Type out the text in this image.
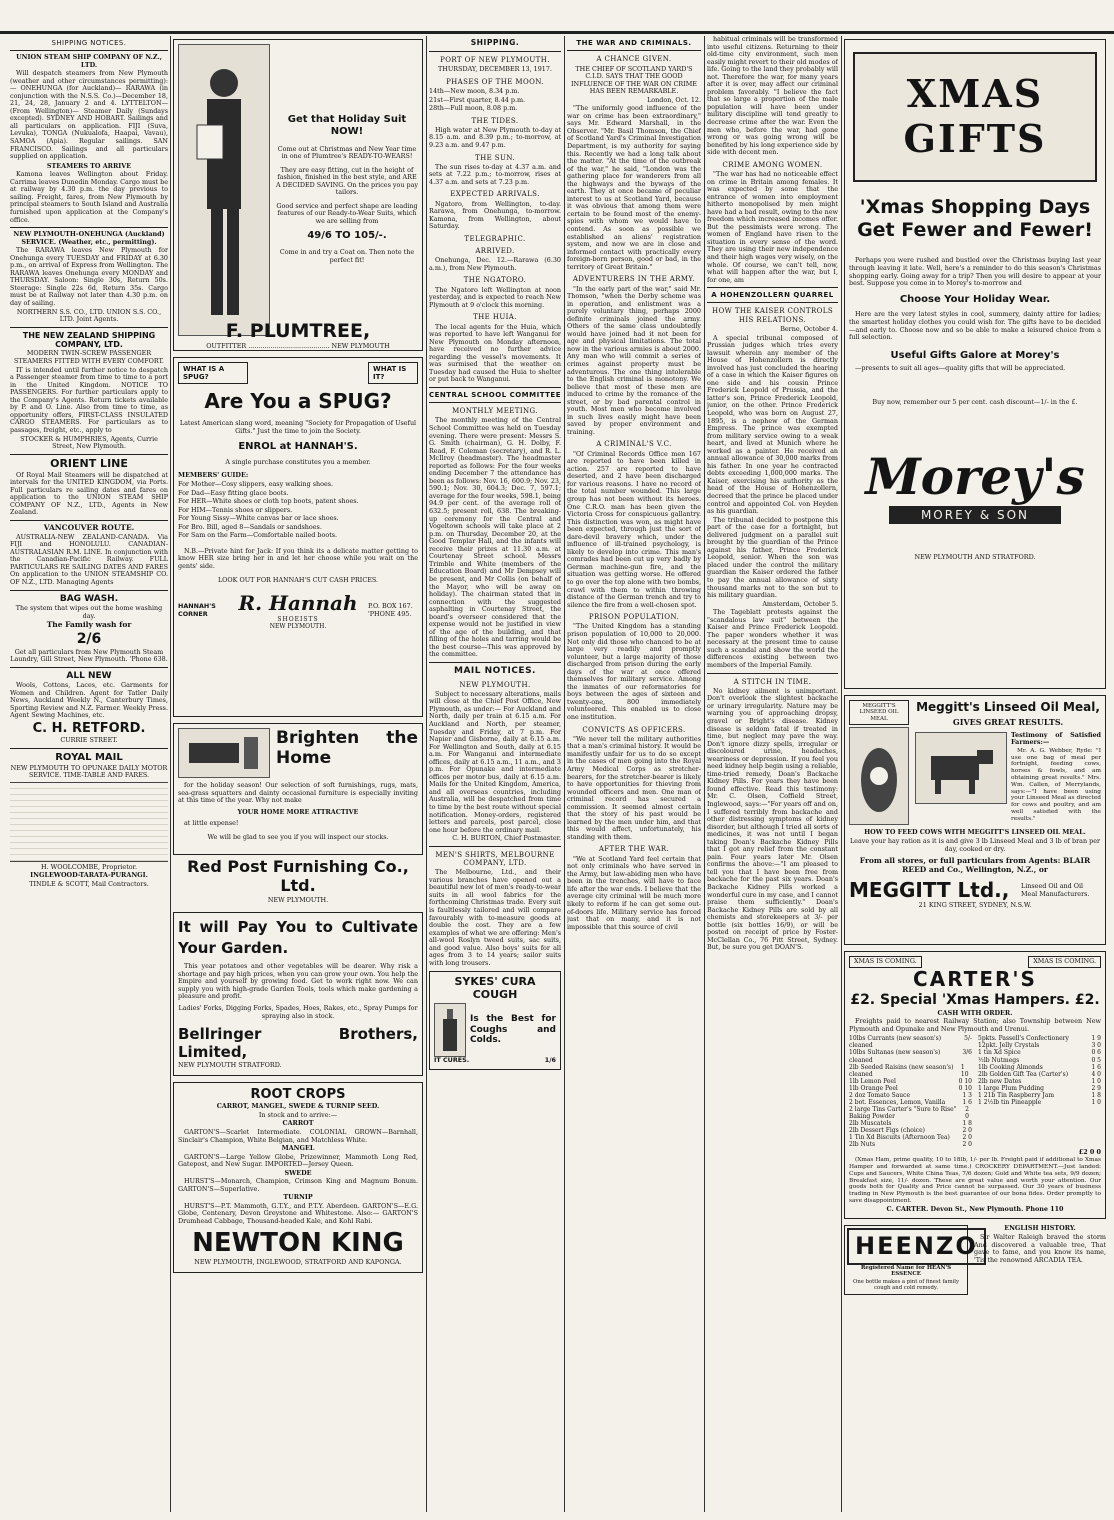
SHIPPING NOTICES.

UNION STEAM SHIP COMPANY OF N.Z., LTD.

Will despatch steamers from New Plymouth (weather and other circumstances permitting):— ONEHUNGA (for Auckland)— RARAWA (in conjunction with the N.S.S. Co.)—December 18, 21, 24, 28, January 2 and 4. LYTTELTON— (From Wellington)— Steamer Daily (Sundays excepted). SYDNEY AND HOBART. Sailings and all particulars on application. FIJI (Suva, Levuka), TONGA (Nukualofa, Haapai, Vavau), SAMOA (Apia). Regular sailings. SAN FRANCISCO. Sailings and all particulars supplied on application.

STEAMERS TO ARRIVE

Kamona leaves Wellington about Friday. Carrima leaves Dunedin Monday. Cargo must be at railway by 4.30 p.m. the day previous to sailing. Freight, fares, from New Plymouth by principal steamers to South Island and Australia furnished upon application at the Company's office.

NEW PLYMOUTH-ONEHUNGA (Auckland) SERVICE. (Weather, etc., permitting).

The RARAWA leaves New Plymouth for Onehunga every TUESDAY and FRIDAY at 6.30 p.m., on arrival of Express from Wellington. The RARAWA leaves Onehunga every MONDAY and THURSDAY. Saloon: Single 30s, Return 50s. Steerage: Single 22s 6d, Return 35s. Cargo must be at Railway not later than 4.30 p.m. on day of sailing.

NORTHERN S.S. CO., LTD. UNION S.S. CO., LTD. Joint Agents.

THE NEW ZEALAND SHIPPING COMPANY, LTD.

MODERN TWIN-SCREW PASSENGER STEAMERS FITTED WITH EVERY COMFORT.

IT is intended until further notice to despatch a Passenger steamer from time to time to a port in the United Kingdom. NOTICE TO PASSENGERS. For further particulars apply to the Company's Agents. Return tickets available by P. and O. Line. Also from time to time, as opportunity offers, FIRST-CLASS INSULATED CARGO STEAMERS. For particulars as to passages, freight, etc., apply to

STOCKER & HUMPHRIES, Agents, Currie Street, New Plymouth.

ORIENT LINE

Of Royal Mail Steamers will be dispatched at intervals for the UNITED KINGDOM, via Ports. Full particulars re sailing dates and fares on application to the UNION STEAM SHIP COMPANY OF N.Z., LTD., Agents in New Zealand.

VANCOUVER ROUTE.

AUSTRALIA-NEW ZEALAND-CANADA. Via FIJI and HONOLULU. CANADIAN-AUSTRALASIAN R.M. LINE. In conjunction with the Canadian-Pacific Railway. FULL PARTICULARS RE SAILING DATES AND FARES On application to the UNION STEAMSHIP CO. OF N.Z., LTD. Managing Agents

BAG WASH.

The system that wipes out the home washing day.

The Family wash for

2/6

Get all particulars from New Plymouth Steam Laundry, Gill Street, New Plymouth. 'Phone 638.

ALL NEW

Wools, Cottons, Laces, etc. Garments for Women and Children. Agent for Tatler Daily News, Auckland Weekly N., Canterbury Times, Sporting Review and N.Z. Farmer. Weekly Press. Agent Sewing Machines, etc.

C. H. RETFORD.

CURRIE STREET.

ROYAL MAIL

NEW PLYMOUTH TO OPUNAKE DAILY MOTOR SERVICE. TIME-TABLE AND FARES.

H. WOOLCOMBE, Proprietor.

INGLEWOOD-TARATA-PURANGI.

TINDLE & SCOTT, Mail Contractors.

Get that Holiday Suit NOW!

Come out at Christmas and New Year time in one of Plumtree's READY-TO-WEARS!

They are easy fitting, cut in the height of fashion, finished in the best style, and ARE A DECIDED SAVING. On the prices you pay tailors.

Good service and perfect shape are leading features of our Ready-to-Wear Suits, which we are selling from

49/6 TO 105/-.

Come in and try a Coat on. Then note the perfect fit!

F. PLUMTREE,

OUTFITTER ........................................ NEW PLYMOUTH

WHAT IS A SPUG?
WHAT IS IT?

Are You a SPUG?

Latest American slang word, meaning "Society for Propagation of Useful Gifts." Just the time to join the Society.

ENROL at HANNAH'S.

A single purchase constitutes you a member.

MEMBERS' GUIDE:

For Mother—Cosy slippers, easy walking shoes.

For Dad—Easy fitting glace boots.

For HER—White shoes or cloth top boots, patent shoes.

For HIM—Tennis shoes or slippers.

For Young Sissy—White canvas bar or lace shoes.

For Bro. Bill, aged 8—Sandals or sandshoes.

For Sam on the Farm—Comfortable nailed boots.

N.B.—Private hint for Jack: If you think its a delicate matter getting to know HER size bring her in and let her choose while you wait on the gents' side.

LOOK OUT FOR HANNAH'S CUT CASH PRICES.

HANNAH'S CORNER	R. Hannah
SHOEISTS
NEW PLYMOUTH.
P.O. BOX 167. 'PHONE 495.

Brighten the Home

for the holiday season! Our selection of soft furnishings, rugs, mats, sea-grass squatters and dainty occasional furniture is especially inviting at this time of the year. Why not make

YOUR HOME MORE ATTRACTIVE

at little expense!

We will be glad to see you if you will inspect our stocks.

Red Post Furnishing Co., Ltd.

NEW PLYMOUTH.

It will Pay You to Cultivate Your Garden.

This year potatoes and other vegetables will be dearer. Why risk a shortage and pay high prices, when you can grow your own. You help the Empire and yourself by growing food. Get to work right now. We can supply you with high-grade Garden Tools, tools which make gardening a pleasure and profit.

Ladies' Forks, Digging Forks, Spades, Hoes, Rakes, etc., Spray Pumps for spraying also in stock.

Bellringer Brothers, Limited,

NEW PLYMOUTH STRATFORD.

ROOT CROPS

CARROT, MANGEL, SWEDE & TURNIP SEED.

In stock and to arrive:—

CARROT

GARTON'S—Scarlet Intermediate. COLONIAL GROWN—Barnhall, Sinclair's Champion, White Belgian, and Matchless White.

MANGEL

GARTON'S—Large Yellow Globe, Prizewinner, Mammoth Long Red, Gatepost, and New Sugar. IMPORTED—Jersey Queen.

SWEDE

HURST'S—Monarch, Champion, Crimson King and Magnum Bonum. GARTON'S—Superlative.

TURNIP

HURST'S—P.T. Mammoth, G.T.Y., and P.T.Y. Aberdeen. GARTON'S—E.G. Globe, Centenary, Devon Greystone and Whitestone. Also:— GARTON'S Drumhead Cabbage, Thousand-headed Kale, and Kohl Rabi.

NEWTON KING

NEW PLYMOUTH, INGLEWOOD, STRATFORD AND KAPONGA.

SHIPPING.
PORT OF NEW PLYMOUTH.

THURSDAY, DECEMBER 13, 1917.

PHASES OF THE MOON.

14th—New moon, 8.34 p.m.

21st—First quarter, 8.44 p.m.

28th—Full moon, 8.08 p.m.

THE TIDES.

High water at New Plymouth to-day at 8.15 a.m. and 8.39 p.m.; to-morrow, at 9.23 a.m. and 9.47 p.m.

THE SUN.

The sun rises to-day at 4.37 a.m. and sets at 7.22 p.m.; to-morrow, rises at 4.37 a.m. and sets at 7.23 p.m.

EXPECTED ARRIVALS.

Ngatoro, from Wellington, to-day. Rarawa, from Onehunga, to-morrow. Kamona, from Wellington, about Saturday.

TELEGRAPHIC.
ARRIVED.

Onehunga, Dec. 12.—Rarawa (6.30 a.m.), from New Plymouth.

THE NGATORO.

The Ngatoro left Wellington at noon yesterday, and is expected to reach New Plymouth at 9 o'clock this morning.

THE HUIA.

The local agents for the Huia, which was reported to have left Wanganui for New Plymouth on Monday afternoon, have received no further advice regarding the vessel's movements. It was surmised that the weather on Tuesday had caused the Huia to shelter or put back to Wanganui.

CENTRAL SCHOOL COMMITTEE
MONTHLY MEETING.

The monthly meeting of the Central School Committee was held on Tuesday evening. There were present: Messrs S. G. Smith (chairman), G. H. Dolby, F. Read, F. Coleman (secretary), and R. L. McIlroy (headmaster). The headmaster reported as follows: For the four weeks ending December 7 the attendance has been as follows: Nov. 16, 600.9; Nov. 23, 590.1; Nov. 30, 604.3; Dec. 7, 597.1; average for the four weeks, 598.1, being 94.9 per cent. of the average roll of 632.5; present roll, 638. The breaking-up ceremony for the Central and Vogeltown schools will take place at 2 p.m. on Thursday, December 20, at the Good Templar Hall, and the infants will receive their prizes at 11.30 a.m. at Courtenay Street school. Messrs Trimble and White (members of the Education Board) and Mr Dempsey will be present, and Mr Collis (on behalf of the Mayor, who will be away on holiday). The chairman stated that in connection with the suggested asphalting in Courtenay Street, the board's overseer considered that the expense would not be justified in view of the age of the building, and that filling of the holes and tarring would be the best course—This was approved by the committee.

MAIL NOTICES.
NEW PLYMOUTH.

Subject to necessary alterations, mails will close at the Chief Post Office, New Plymouth, as under:— For Auckland and North, daily per train at 6.15 a.m. For Auckland and North, per steamer, Tuesday and Friday, at 7 p.m. For Napier and Gisborne, daily at 6.15 a.m. For Wellington and South, daily at 6.15 a.m. For Wanganui and intermediate offices, daily at 6.15 a.m., 11 a.m., and 3 p.m. For Opunake and intermediate offices per motor bus, daily at 6.15 a.m. Mails for the United Kingdom, America, and all overseas countries, including Australia, will be despatched from time to time by the best route without special notification. Money-orders, registered letters and parcels, post parcel, close one hour before the ordinary mail.

C. H. BURTON, Chief Postmaster.

MEN'S SHIRTS, MELBOURNE COMPANY, LTD.

The Melbourne, Ltd., and their various branches have opened out a beautiful new lot of men's ready-to-wear suits in all wool fabrics for the forthcoming Christmas trade. Every suit is faultlessly tailored and will compare favourably with to-measure goods at double the cost. They are a few examples of what we are offering: Men's all-wool Roslyn tweed suits, sac suits, and good value. Also boys' suits for all ages from 3 to 14 years; sailor suits with long trousers.

SYKES' CURA COUGH

Is the Best for Coughs and Colds.

IT CURES.	1/6
THE WAR AND CRIMINALS.
A CHANCE GIVEN.

THE CHIEF OF SCOTLAND YARD'S C.I.D. SAYS THAT THE GOOD INFLUENCE OF THE WAR ON CRIME HAS BEEN REMARKABLE.

London, Oct. 12.

"The uniformly good influence of the war on crime has been extraordinary," says Mr. Edward Marshall, in the Observer. "Mr. Basil Thomson, the Chief of Scotland Yard's Criminal Investigation Department, is my authority for saying this. Recently we had a long talk about the matter. "At the time of the outbreak of the war," he said, "London was the gathering place for wanderers from all the highways and the byways of the earth. They at once became of peculiar interest to us at Scotland Yard, because it was obvious that among them were certain to be found most of the enemy-spies with whom we would have to contend. As soon as possible we established an aliens' registration system, and now we are in close and informed contact with practically every foreign-born person, good or bad, in the territory of Great Britain."

ADVENTURERS IN THE ARMY.

"In the early part of the war," said Mr. Thomson, "when the Derby scheme was in operation, and enlistment was a purely voluntary thing, perhaps 2000 definite criminals joined the army. Others of the same class undoubtedly would have joined had it not been for age and physical limitations. The total now in the various armies is about 2000. Any man who will commit a series of crimes against property must be adventurous. The one thing intolerable to the English criminal is monotony. We believe that most of these men are induced to crime by the romance of the street, or by bad parental control in youth. Most men who become involved in such lives easily might have been saved by proper environment and training.

A CRIMINAL'S V.C.

"Of Criminal Records Office men 167 are reported to have been killed in action. 257 are reported to have deserted, and 2 have been discharged for various reasons. I have no record of the total number wounded. This large group has not been without its heroes. One C.R.O. man has been given the Victoria Cross for conspicuous gallantry. This distinction was won, as might have been expected, through just the sort of dare-devil bravery which, under the influence of ill-trained psychology, is likely to develop into crime. This man's comrades had been cut up very badly by German machine-gun fire, and the situation was getting worse. He offered to go over the top alone with two bombs, crawl with them to within throwing distance of the German trench and try to silence the fire from a well-chosen spot.

PRISON POPULATION.

"The United Kingdom has a standing prison population of 10,000 to 20,000. Not only did those who chanced to be at large very readily and promptly volunteer, but a large majority of those discharged from prison during the early days of the war at once offered themselves for military service. Among the inmates of our reformatories for boys between the ages of sixteen and twenty-one, 800 immediately volunteered. This enabled us to close one institution.

CONVICTS AS OFFICERS.

"We never tell the military authorities that a man's criminal history. It would be manifestly unfair for us to do so except in the cases of men going into the Royal Army Medical Corps as stretcher-bearers, for the stretcher-bearer is likely to have opportunities for thieving from wounded officers and men. One man of criminal record has secured a commission. It seemed almost certain that the story of his past would be learned by the men under him, and that this would affect, unfortunately, his standing with them.

AFTER THE WAR.

"We at Scotland Yard feel certain that not only criminals who have served in the Army, but law-abiding men who have been in the trenches, will have to face life after the war ends. I believe that the average city criminal will be much more likely to reform if he can get some out-of-doors life. Military service has forced just that on many, and it is not impossible that this source of civil

habitual criminals will be transformed into useful citizens. Returning to their old-time city environment, such men easily might revert to their old modes of life. Going to the land they probably will not. Therefore the war, for many years after it is over, may affect our criminal problem favorably. "I believe the fact that so large a proportion of the male population will have been under military discipline will tend greatly to decrease crime after the war. Even the men who, before the war, had gone wrong or was going wrong will be benefited by his long experience side by side with decent men.

CRIME AMONG WOMEN.

"The war has had no noticeable effect on crime in Britain among females. It was expected by some that the entrance of women into employment hitherto monopolised by men might have had a bad result, owing to the new freedom which increased incomes offer. But the pessimists were wrong. The women of England have risen to the situation in every sense of the word. They are using their new independence and their high wages very wisely, on the whole. Of course, we can't tell, now, what will happen after the war, but I, for one, am

A HOHENZOLLERN QUARREL
HOW THE KAISER CONTROLS HIS RELATIONS.

Berne, October 4.

A special tribunal composed of Prussian judges which tries every lawsuit wherein any member of the House of Hohenzollern is directly involved has just concluded the hearing of a case in which the Kaiser figures on one side and his cousin Prince Frederick Leopold of Prussia, and the latter's son, Prince Frederick Leopold, junior, on the other. Prince Frederick Leopold, who was born on August 27, 1895, is a nephew of the German Empress. The prince was exempted from military service owing to a weak heart, and lived at Munich where he worked as a painter. He received an annual allowance of 30,000 marks from his father. In one year he contracted debts exceeding 1,000,000 marks. The Kaiser, exercising his authority as the head of the House of Hohenzollern, decreed that the prince be placed under control and appointed Col. von Heyden as his guardian.

The tribunal decided to postpone this part of the case for a fortnight, but delivered judgment on a parallel suit brought by the guardian of the Prince against his father, Prince Frederick Leopold, senior. When the son was placed under the control the military guardian the Kaiser ordered the father to pay the annual allowance of sixty thousand marks not to the son but to his military guardian.

Amsterdam, October 5.

The Tageblatt protests against the "scandalous law suit" between the Kaiser and Prince Frederick Leopold. The paper wonders whether it was necessary at the present time to cause such a scandal and show the world the differences existing between two members of the Imperial Family.

A STITCH IN TIME.

No kidney ailment is unimportant. Don't overlook the slightest backache or urinary irregularity. Nature may be warning you of approaching dropsy, gravel or Bright's disease. Kidney disease is seldom fatal if treated in time, but neglect may pave the way. Don't ignore dizzy spells, irregular or discoloured urine, headaches, weariness or depression. If you feel you need kidney help begin using a reliable, time-tried remedy, Doan's Backache Kidney Pills. For years they have been found effective. Read this testimony: Mr. C. Olsen, Coffield Street, Inglewood, says:—"For years off and on, I suffered terribly from backache and other distressing symptoms of kidney disorder, but although I tried all sorts of medicines, it was not until I began taking Doan's Backache Kidney Pills that I got any relief from the constant pain. Four years later Mr. Olsen confirms the above:—"I am pleased to tell you that I have been free from backache for the past six years. Doan's Backache Kidney Pills worked a wonderful cure in my case, and I cannot praise them sufficiently." Doan's Backache Kidney Pills are sold by all chemists and storekeepers at 3/- per bottle (six bottles 16/9), or will be posted on receipt of price by Foster-McClellan Co., 76 Pitt Street, Sydney. But, be sure you get DOAN'S.

XMAS GIFTS

'Xmas Shopping Days

Get Fewer and Fewer!

Perhaps you were rushed and bustled over the Christmas buying last year through leaving it late. Well, here's a reminder to do this season's Christmas shopping early. Going away for a trip? Then you will desire to appear at your best. Suppose you come in to Morey's to-morrow and

Choose Your Holiday Wear.

Here are the very latest styles in cool, summery, dainty attire for ladies; the smartest holiday clothes you could wish for. The gifts have to be decided—and early to. Choose now and so be able to make a leisured choice from a full selection.

Useful Gifts Galore at Morey's

—presents to suit all ages—quality gifts that will be appreciated.

Buy now, remember our 5 per cent. cash discount—1/- in the £.

Morey's
MOREY & SON

NEW PLYMOUTH AND STRATFORD.

MEGGITT'S LINSEED OIL MEAL

Meggitt's Linseed Oil Meal,

GIVES GREAT RESULTS.

Testimony of Satisfied Farmers:—

Mr. A. G. Webber, Ryde: "I use one bag of meal per fortnight, feeding cows, horses & fowls, and am obtaining great results." Mrs. Wm. Callen, of Merrylands, says:—"I have been using your Linseed Meal as directed for cows and poultry, and am well satisfied with the results."

HOW TO FEED COWS WITH MEGGITT'S LINSEED OIL MEAL.

Leave your hay ration as it is and give 3 lb Linseed Meal and 3 lb of bran per day, cooked or dry.

From all stores, or full particulars from Agents: BLAIR REED and Co., Wellington, N.Z., or

MEGGITT Ltd., Linseed Oil and Oil Meal Manufacturers.

21 KING STREET, SYDNEY, N.S.W.

XMAS IS COMING.	XMAS IS COMING.

CARTER'S

£2. Special 'Xmas Hampers. £2.

CASH WITH ORDER.

Freights paid to nearest Railway Station; also Township between New Plymouth and Opunake and New Plymouth and Urenui.

10lbs Currants (new season's) cleaned
5/-
10lbs Sultanas (new season's) cleaned
3/6
2lb Seeded Raisins (new season's) cleaned
1 10
1lb Lemon Peel	0 10
1lb Orange Peel	0 10
2 doz Tomato Sauce	1 3
2 bot. Essences, Lemon, Vanilla	1 6
2 large Tins Carter's "Sure to Rise" Baking Powder
2 0
2lb Muscatels	1 8
2lb Dessert Figs (choice)	2 0
1 Tin Xd Biscuits (Afternoon Tea) 2 0
2lb Nuts	2 0
5pkts. Passell's Confectionery	1 9
12pkt. Jelly Crystals	3 0
1 tin Xd Spice	0 6
½lb Nutmegs	0 5
1lb Cooking Almonds	1 6
2lb Golden Gift Tea (Carter's)	4 0
2lb new Dates	1 0
1 large Plum Pudding	2 9
1 21b Tin Raspberry Jam	1 8
1 2½lb tin Pineapple	1 0

£2 0 0

(Xmas Ham, prime quality, 10 to 18lb, 1/- per lb. Freight paid if additional to Xmas Hamper and forwarded at same time.) CROCKERY DEPARTMENT.—Just landed: Cups and Saucers, White China Teas, 7/6 dozen; Gold and White tea sets, 9/9 dozen; Breakfast size, 11/- dozen. These are great value and worth your attention. Our goods both for Quality and Price cannot be surpassed. Our 30 years of business trading in New Plymouth is the best guarantee of our bona fides. Order promptly to save disappointment.

C. CARTER. Devon St., New Plymouth. Phone 110

HEENZO

Registered Name for HEAN'S ESSENCE

One bottle makes a pint of finest family cough and cold remedy.

ENGLISH HISTORY.

Sir Walter Raleigh braved the storm And discovered a valuable tree, That gave to fame, and you know its name, 'Tis the renowned ARCADIA TEA.
